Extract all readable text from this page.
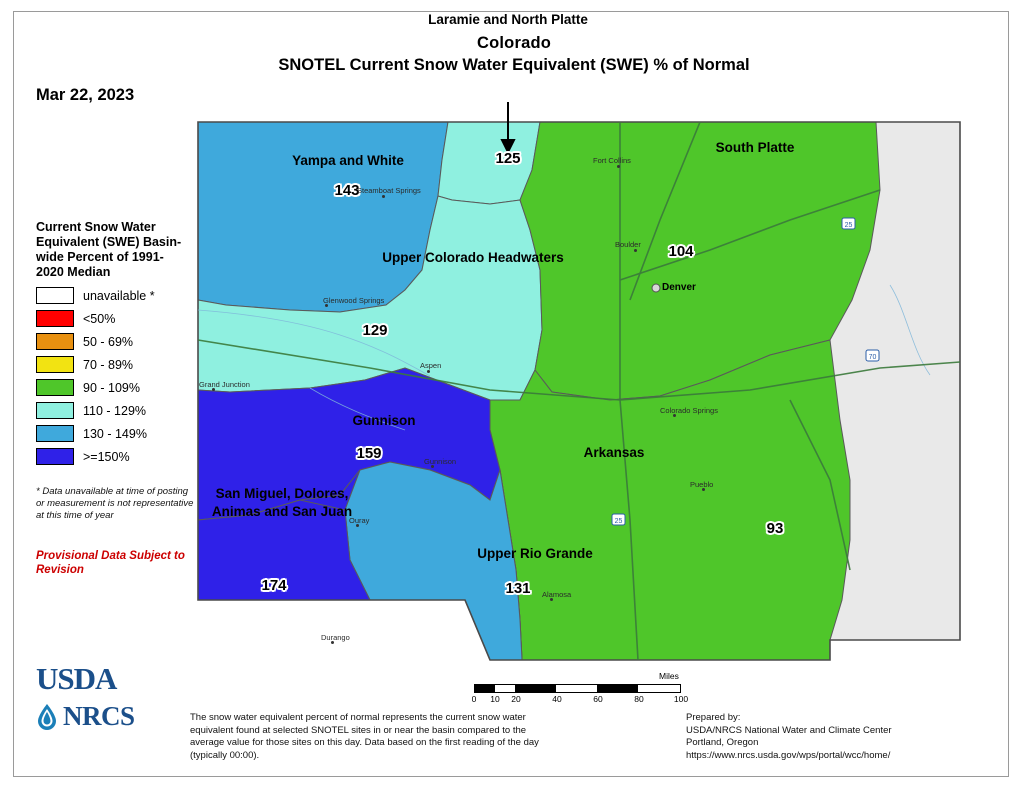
Colorado
SNOTEL Current Snow Water Equivalent (SWE) % of Normal
Mar 22, 2023
Current Snow Water Equivalent (SWE) Basin-wide Percent of 1991-2020 Median
unavailable *
<50%
50 - 69%
70 - 89%
90 - 109%
110 - 129%
130 - 149%
>=150%
* Data unavailable at time of posting or measurement is not representative at this time of year
Provisional Data Subject to Revision
USDA
NRCS
25
70
25
Yampa and White
143
Laramie and North Platte
125
South Platte
104
Upper Colorado Headwaters
129
Gunnison
159	Arkansas
93
San Miguel, Dolores, Animas and San Juan
174
Upper Rio Grande
131
Fort Collins
Boulder
Denver
Steamboat Springs
Glenwood Springs
Aspen
Grand Junction
Gunnison
Colorado Springs
Pueblo
Ouray
Alamosa
Durango
Miles
0 10 20	40	60	80	100
The snow water equivalent percent of normal represents the current snow water equivalent found at selected SNOTEL sites in or near the basin compared to the average value for those sites on this day. Data based on the first reading of the day (typically 00:00).
Prepared by:
USDA/NRCS National Water and Climate Center
Portland, Oregon
https://www.nrcs.usda.gov/wps/portal/wcc/home/
